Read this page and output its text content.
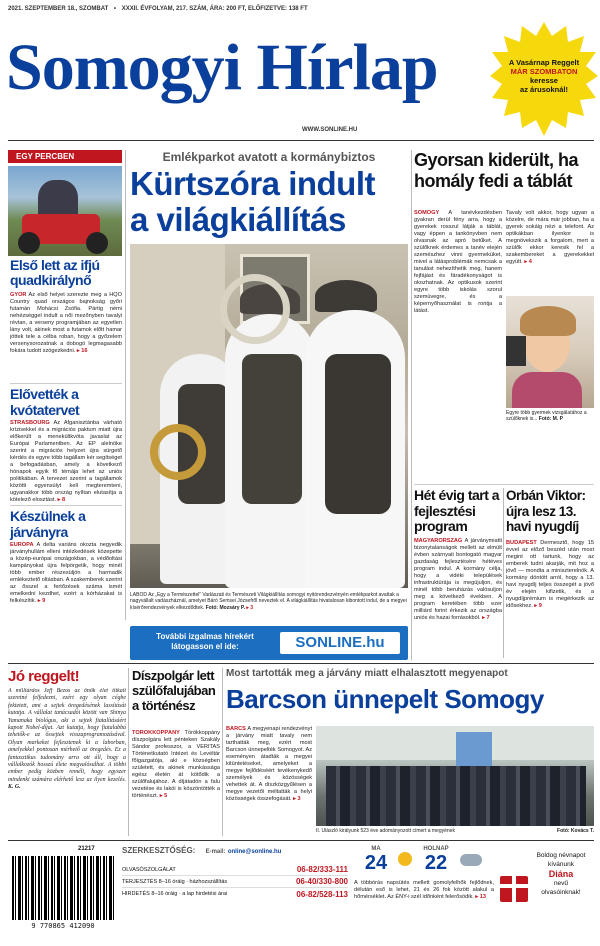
2021. SZEPTEMBER 18., SZOMBAT • XXXII. ÉVFOLYAM, 217. SZÁM, ÁRA: 200 FT, ELŐFIZETVE: 138 FT
Somogyi Hírlap
WWW.SONLINE.HU
A Vasárnap Reggelt
MÁR SZOMBATON
keresse
az árusoknál!
EGY PERCBEN
Első lett az ifjú quadkirálynő
GYŐR Az első helyet szerezte meg a HQO Country quad országos bajnokság győri futamán Mohácsi Zsófia. Pártig némi nehézséggel indult a női mezőnyben tavalyi révtan, a verseny programjában az egyetlen lány volt, akinek most a futamok előtt hamar jöttek tele a célba roban, hogy a győzelem versenysorozatnak a dobogó legmagasabb fokára tudott szögezkedni. ▸ 16
Elővették a kvótatervet
STRASBOURG Az Afganisztánba várható krízisekkel és a migrációs paktum miatt újra előkerült a menekültkvóta javaslat az Európai Parlamentben. Az EP alelnöke szerint a migrációs helyzet újra sürgető kérdés és egyre több tagállam kér segítséget a befogadásban, amely a következő hónapok egyik fő témája lehet az uniós politikában. A tervezet szerint a tagállamok közötti egyensúlyt kell megteremteni, ugyanakkor több ország nyíltan elutasítja a kötelező elosztást. ▸ 8
Készülnek a járványra
EURÓPA A delta variáns okozta negyedik járványhullám elleni intézkedések közepette a közép-európai országokban, a védőoltási kampányokat újra felpörgetik, hogy minél több ember részesüljön a harmadik emlékeztető oltásban. A szakemberek szerint az ősszel a fertőzések száma ismét emelkedni kezdhet, ezért a kórházakat is felkészítik. ▸ 9
Emlékparkot avatott a kormánybiztos
Kürtszóra indult
a világkiállítás
LÁBOD Az „Egy a Természettel” Vadászati és Természeti Világkiállítás somogyi nyitórendezvényén emlékparkot avattak a nagyvállalt vadászháznál, amelyet Báró Semsei Józsefről neveztek el. A világkiállítás hivatalosan kibontott indul, de a megyei kísérőrendezvények elkezdődtek. Fotó: Mozsáry P. ▸ 3
További izgalmas hírekért
látogasson el ide:	SONLINE.hu
Gyorsan kiderült, ha homály fedi a táblát
SOMOGY A tanévkezdésben gyakran derül fény arra, hogy a gyerekek rosszul látják a táblát, vagy éppen a tankönyvben nem olvasnak az apró betűket. A szülőknek érdemes a tanév elején szemészhez vinni gyermeküket, mivel a látásproblémák nemcsak a tanulást nehezíthetik meg, hanem fejfájást és fáradékonyságot is okozhatnak. Az optikusok szerint egyre több iskolás szorul szemüvegre, és a képernyőhasználat is rontja a látást.
Tavaly volt akkor, hogy ugyan a közelre, de mára már jobban, ha a gyerek sokáig nézi a telefont. Az optikákban ilyenkor is megnövekszik a forgalom, mert a szülők ekkor keresik fel a szakembereket a gyerekekkel együtt. ▸ 4
Egyre több gyermek vizsgálatához a szülőknek is... Fotó: M. P
Hét évig tart a fejlesztési program
MAGYARORSZÁG A járványmiatti bizonytalanságok mellett az elmúlt évben szárnyait bontogató magyar gazdaság fejlesztésére hétéves program indul. A kormány célja, hogy a vidéki települések infrastruktúrája is megújuljon, és minél több beruházás valósuljon meg a következő években. A program keretében több ezer milliárd forint érkezik az országba uniós és hazai forrásokból. ▸ 7
Orbán Viktor: újra lesz 13. havi nyugdíj
BUDAPEST Dermesztő, hogy 15 évvel az előző beszéd után most megint ott tartunk, hogy az emberek tudni akarják, mit hoz a jövő — mondta a miniszterelnök. A kormány döntött arról, hogy a 13. havi nyugdíj teljes összegét a jövő év elején kifizetik, és a nyugdíjprémium is megérkezik az idősekhez. ▸ 9
Jó reggelt!
A milliárdos Jeff Bezos az önök élet titkait szeretné felfedezni, ezért egy olyan cégbe fektetett, ami a sejtek öregedésének lassítását kutatja. A vállalat tanácsadói között van Shinya Yamanaka biológus, aki a sejtek fiatalításáért kapott Nobel-díjat. Azt kutatja, hogy fiatalabbá tehetők-e az őssejtek visszaprogramozásával. Olyan markeket fejlesztenek ki a laborban, amelyekkel pontosan mérhető az öregedés. Ez a fantasztikus tudomány arra ott áll, hogy a vállalkozók hosszú élete megvalósulhat. A többi ember pedig közben reméli, hogy egyszer mindenki számára elérhető lesz az ilyen kezelés. K. G.
Díszpolgár lett szülőfalujában a történész
TÖRÖKKOPPÁNY Törökkoppány díszpolgára lett pénteken Szakály Sándor professzor, a VERITAS Történetkutató Intézet és Levéltár főigazgatója, aki e községben született, és akinek munkássága egész életén át kötődik a szülőfalujához. A díjátadón a falu vezetése és lakói is köszöntötték a történészt. ▸ 5
Most tartották meg a járvány miatt elhalasztott megyenapot
Barcson ünnepelt Somogy
BARCS A megyenapi rendezvényt a járvány miatt tavaly nem tarthatták meg, ezért most Barcson ünnepelték Somogyot. Az eseményen átadták a megyei kitüntetéseket, amelyeket a megye fejlődéséért tevékenykedő személyek és közösségek vehettek át. A díszközgyűlésen a megye vezetői méltatták a helyi közösségek összefogását. ▸ 3
II. Ulászló királyunk 523 éve adományozott címert a megyének	Fotó: Kovács T.
21217
9 770865 412090
SZERKESZTŐSÉG: E-mail: online@sonline.hu
OLVASÓSZOLGÁLAT	06-82/333-111
TERJESZTÉS 8–16 óráig · házhozszállítás	06-40/330-800
HIRDETÉS 8–16 óráig · a lap hirdetési árai	06-82/528-113
MA
24
HOLNAP
22
A többórás napsütés mellett gomolyfelhők fejlődnek, délután eső is lehet, 21 és 26 fok között alakul a hőmérséklet. Az ÉNY-i szél időnként felerősödik. ▸ 13
Boldog névnapot
kívánunk
Diána
nevű
olvasóinknak!
